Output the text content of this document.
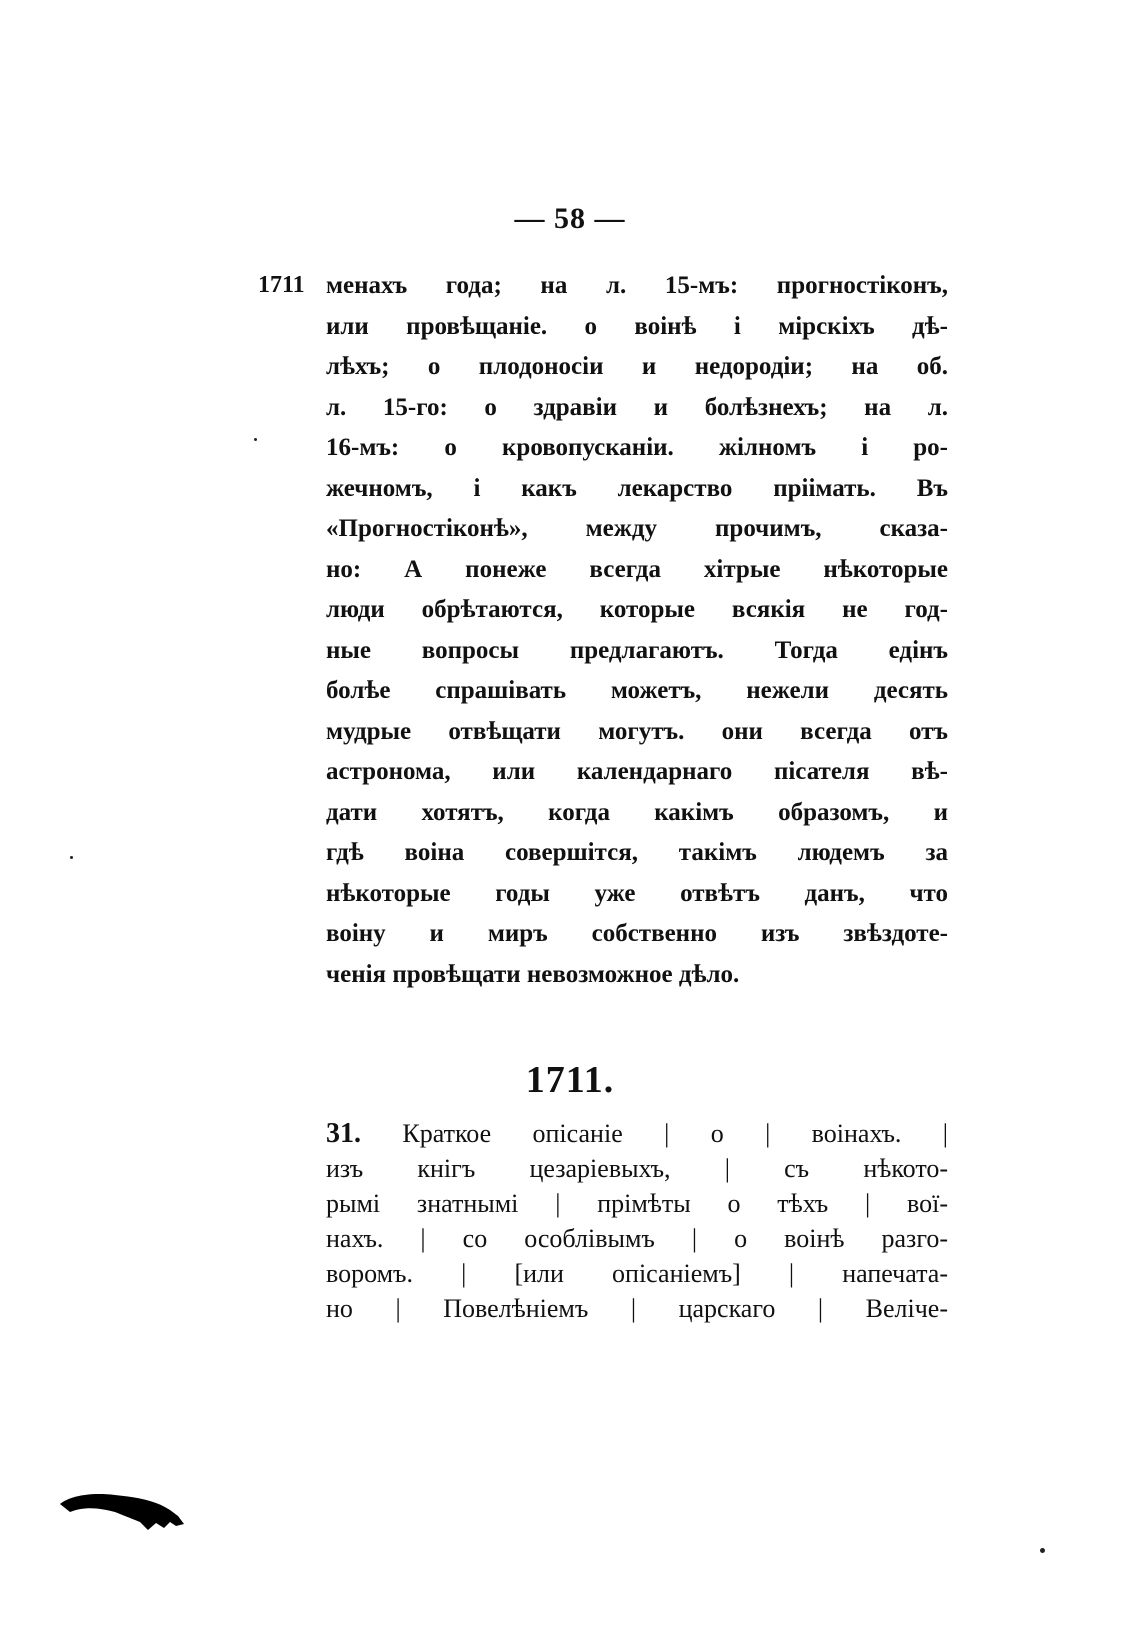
— 58 —
1711 менахъ года; на л. 15-мъ: прогностіконъ,
или провѣщаніе. о воінѣ і мірскіхъ дѣ-
лѣхъ; о плодоносіи и недородіи; на об.
л. 15-го: о здравіи и болѣзнехъ; на л.
16-мъ: о кровопусканіи. жілномъ і ро-
жечномъ, і какъ лекарство пріімать. Въ
«Прогностіконѣ», между прочимъ, сказа-
но: А понеже всегда хітрые нѣкоторые
люди обрѣтаются, которые всякія не год-
ные вопросы предлагаютъ. Тогда едінъ
болѣе спрашівать можетъ, нежели десять
мудрые отвѣщати могутъ. они всегда отъ
астронома, или календарнаго пісателя вѣ-
дати хотятъ, когда какімъ образомъ, и
гдѣ воіна совершітся, такімъ людемъ за
нѣкоторые годы уже отвѣтъ данъ, что
воіну и миръ собственно изъ звѣздоте-
ченія провѣщати невозможное дѣло.
1711.
31. Краткое опісаніе | о | воінахъ. |
изъ кнігъ цезаріевыхъ, | съ нѣкото-
рымі знатнымі | прімѣты о тѣхъ | вої-
нахъ. | со особлівымъ | о воінѣ разго-
воромъ. | [или опісаніемъ] | напечата-
но | Повелѣніемъ | царскаго | Веліче-
